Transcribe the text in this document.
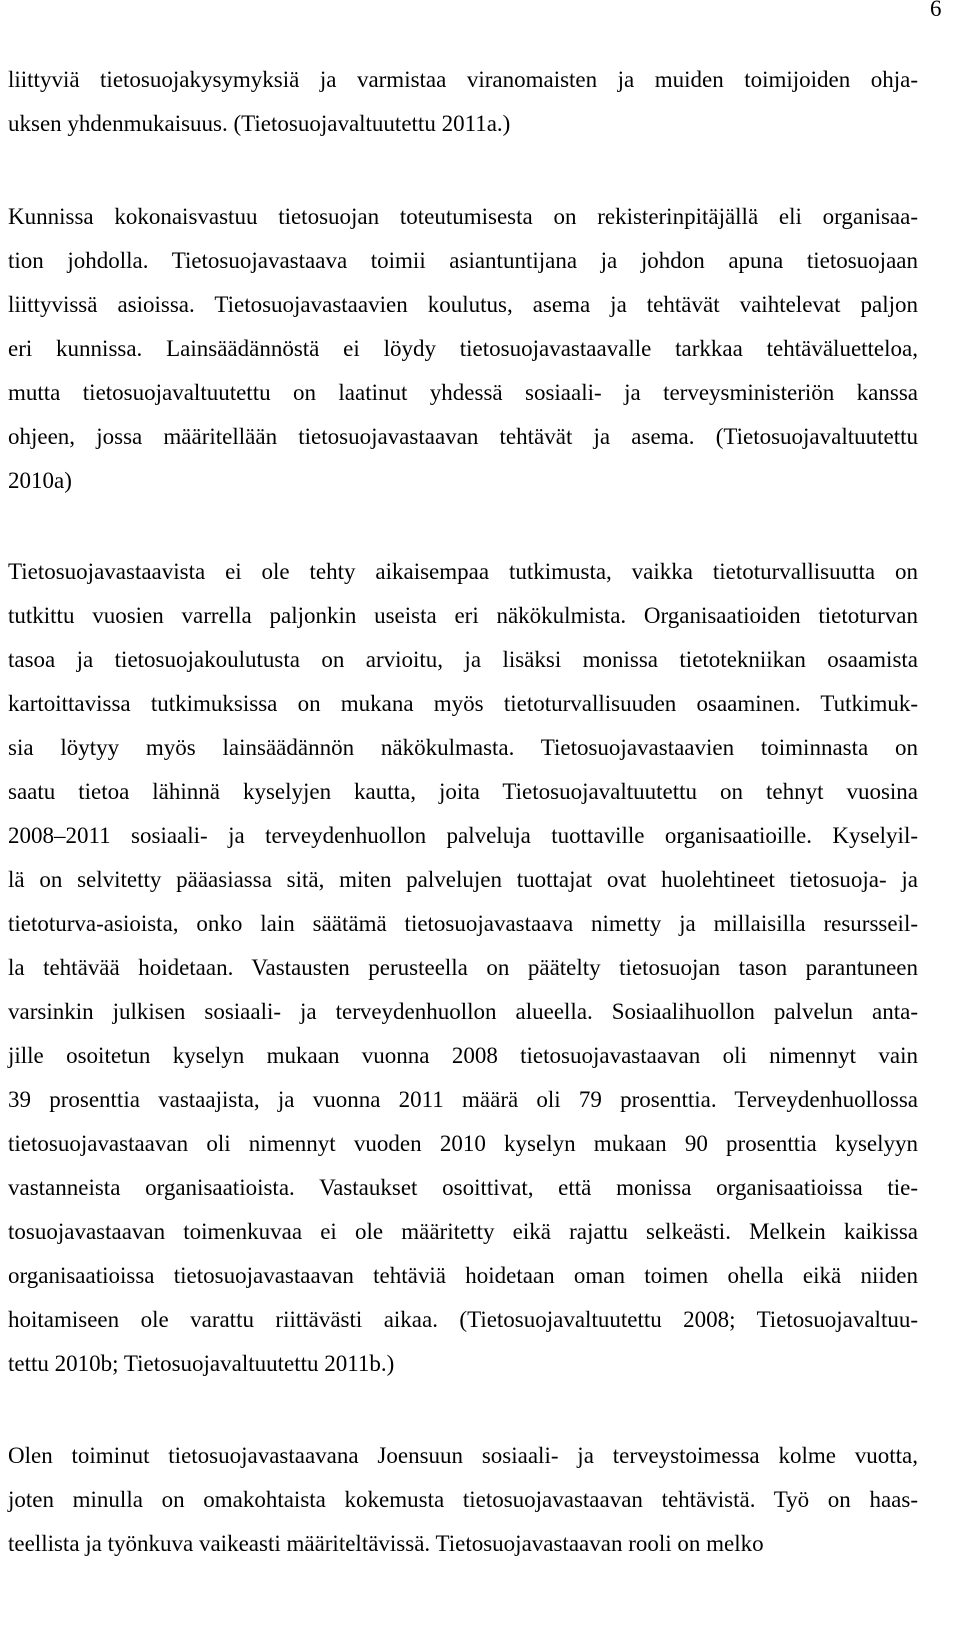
6
liittyviä tietosuojakysymyksiä ja varmistaa viranomaisten ja muiden toimijoiden ohja-
uksen yhdenmukaisuus. (Tietosuojavaltuutettu 2011a.)
Kunnissa kokonaisvastuu tietosuojan toteutumisesta on rekisterinpitäjällä eli organisaa-
tion johdolla. Tietosuojavastaava toimii asiantuntijana ja johdon apuna tietosuojaan
liittyvissä asioissa. Tietosuojavastaavien koulutus, asema ja tehtävät vaihtelevat paljon
eri kunnissa. Lainsäädännöstä ei löydy tietosuojavastaavalle tarkkaa tehtäväluetteloa,
mutta tietosuojavaltuutettu on laatinut yhdessä sosiaali- ja terveysministeriön kanssa
ohjeen, jossa määritellään tietosuojavastaavan tehtävät ja asema. (Tietosuojavaltuutettu
2010a)
Tietosuojavastaavista ei ole tehty aikaisempaa tutkimusta, vaikka tietoturvallisuutta on
tutkittu vuosien varrella paljonkin useista eri näkökulmista. Organisaatioiden tietoturvan
tasoa ja tietosuojakoulutusta on arvioitu, ja lisäksi monissa tietotekniikan osaamista
kartoittavissa tutkimuksissa on mukana myös tietoturvallisuuden osaaminen. Tutkimuk-
sia löytyy myös lainsäädännön näkökulmasta. Tietosuojavastaavien toiminnasta on
saatu tietoa lähinnä kyselyjen kautta, joita Tietosuojavaltuutettu on tehnyt vuosina
2008–2011 sosiaali- ja terveydenhuollon palveluja tuottaville organisaatioille. Kyselyil-
lä on selvitetty pääasiassa sitä, miten palvelujen tuottajat ovat huolehtineet tietosuoja- ja
tietoturva-asioista, onko lain säätämä tietosuojavastaava nimetty ja millaisilla resursseil-
la tehtävää hoidetaan. Vastausten perusteella on päätelty tietosuojan tason parantuneen
varsinkin julkisen sosiaali- ja terveydenhuollon alueella. Sosiaalihuollon palvelun anta-
jille osoitetun kyselyn mukaan vuonna 2008 tietosuojavastaavan oli nimennyt vain
39 prosenttia vastaajista, ja vuonna 2011 määrä oli 79 prosenttia. Terveydenhuollossa
tietosuojavastaavan oli nimennyt vuoden 2010 kyselyn mukaan 90 prosenttia kyselyyn
vastanneista organisaatioista. Vastaukset osoittivat, että monissa organisaatioissa tie-
tosuojavastaavan toimenkuvaa ei ole määritetty eikä rajattu selkeästi. Melkein kaikissa
organisaatioissa tietosuojavastaavan tehtäviä hoidetaan oman toimen ohella eikä niiden
hoitamiseen ole varattu riittävästi aikaa. (Tietosuojavaltuutettu 2008; Tietosuojavaltuu-
tettu 2010b; Tietosuojavaltuutettu 2011b.)
Olen toiminut tietosuojavastaavana Joensuun sosiaali- ja terveystoimessa kolme vuotta,
joten minulla on omakohtaista kokemusta tietosuojavastaavan tehtävistä. Työ on haas-
teellista ja työnkuva vaikeasti määriteltävissä. Tietosuojavastaavan rooli on melko
